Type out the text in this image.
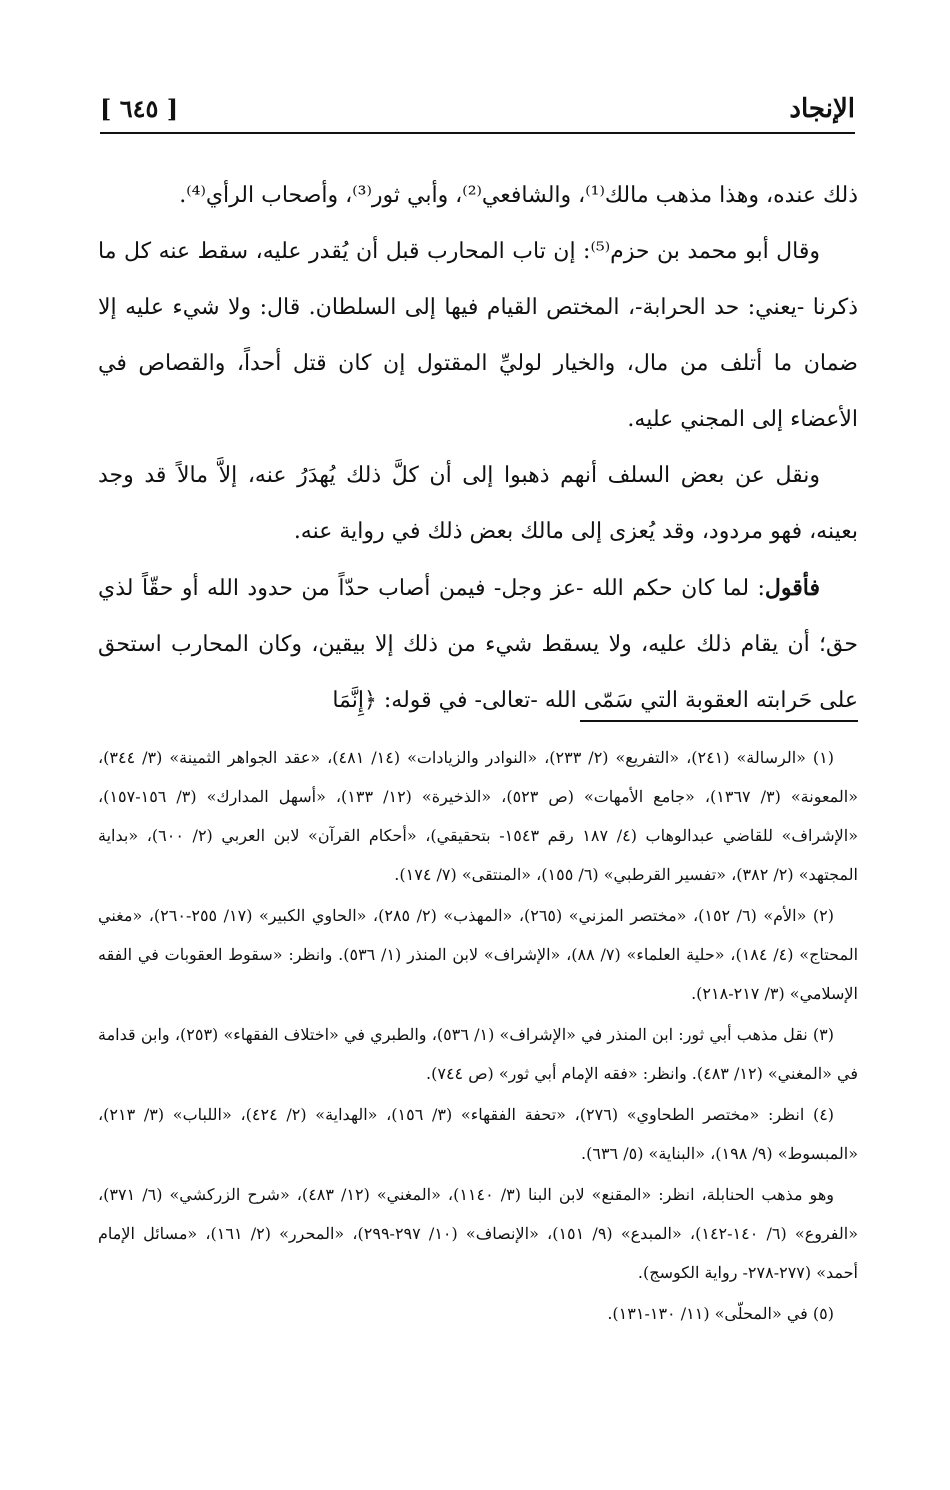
الإنجاد
[ ٦٤٥ ]

ذلك عنده، وهذا مذهب مالك⁽¹⁾، والشافعي⁽²⁾، وأبي ثور⁽³⁾، وأصحاب الرأي⁽⁴⁾.

وقال أبو محمد بن حزم⁽⁵⁾: إن تاب المحارب قبل أن يُقدر عليه، سقط عنه كل ما ذكرنا -يعني: حد الحرابة-، المختص القيام فيها إلى السلطان. قال: ولا شيء عليه إلا ضمان ما أتلف من مال، والخيار لوليِّ المقتول إن كان قتل أحداً، والقصاص في الأعضاء إلى المجني عليه.

ونقل عن بعض السلف أنهم ذهبوا إلى أن كلَّ ذلك يُهدَرُ عنه، إلاَّ مالاً قد وجد بعينه، فهو مردود، وقد يُعزى إلى مالك بعض ذلك في رواية عنه.

فأقول: لما كان حكم الله -عز وجل- فيمن أصاب حدّاً من حدود الله أو حقّاً لذي حق؛ أن يقام ذلك عليه، ولا يسقط شيء من ذلك إلا بيقين، وكان المحارب استحق على حَرابته العقوبة التي سَمّى الله -تعالى- في قوله: ﴿إِنَّمَا

(١) «الرسالة» (٢٤١)، «التفريع» (٢/ ٢٣٣)، «النوادر والزيادات» (١٤/ ٤٨١)، «عقد الجواهر الثمينة» (٣/ ٣٤٤)، «المعونة» (٣/ ١٣٦٧)، «جامع الأمهات» (ص ٥٢٣)، «الذخيرة» (١٢/ ١٣٣)، «أسهل المدارك» (٣/ ١٥٦-١٥٧)، «الإشراف» للقاضي عبدالوهاب (٤/ ١٨٧ رقم ١٥٤٣- بتحقيقي)، «أحكام القرآن» لابن العربي (٢/ ٦٠٠)، «بداية المجتهد» (٢/ ٣٨٢)، «تفسير القرطبي» (٦/ ١٥٥)، «المنتقى» (٧/ ١٧٤).

(٢) «الأم» (٦/ ١٥٢)، «مختصر المزني» (٢٦٥)، «المهذب» (٢/ ٢٨٥)، «الحاوي الكبير» (١٧/ ٢٥٥-٢٦٠)، «مغني المحتاج» (٤/ ١٨٤)، «حلية العلماء» (٧/ ٨٨)، «الإشراف» لابن المنذر (١/ ٥٣٦). وانظر: «سقوط العقوبات في الفقه الإسلامي» (٣/ ٢١٧-٢١٨).

(٣) نقل مذهب أبي ثور: ابن المنذر في «الإشراف» (١/ ٥٣٦)، والطبري في «اختلاف الفقهاء» (٢٥٣)، وابن قدامة في «المغني» (١٢/ ٤٨٣). وانظر: «فقه الإمام أبي ثور» (ص ٧٤٤).

(٤) انظر: «مختصر الطحاوي» (٢٧٦)، «تحفة الفقهاء» (٣/ ١٥٦)، «الهداية» (٢/ ٤٢٤)، «اللباب» (٣/ ٢١٣)، «المبسوط» (٩/ ١٩٨)، «البناية» (٥/ ٦٣٦).

وهو مذهب الحنابلة، انظر: «المقنع» لابن البنا (٣/ ١١٤٠)، «المغني» (١٢/ ٤٨٣)، «شرح الزركشي» (٦/ ٣٧١)، «الفروع» (٦/ ١٤٠-١٤٢)، «المبدع» (٩/ ١٥١)، «الإنصاف» (١٠/ ٢٩٧-٢٩٩)، «المحرر» (٢/ ١٦١)، «مسائل الإمام أحمد» (٢٧٧-٢٧٨- رواية الكوسج).

(٥) في «المحلّى» (١١/ ١٣٠-١٣١).
